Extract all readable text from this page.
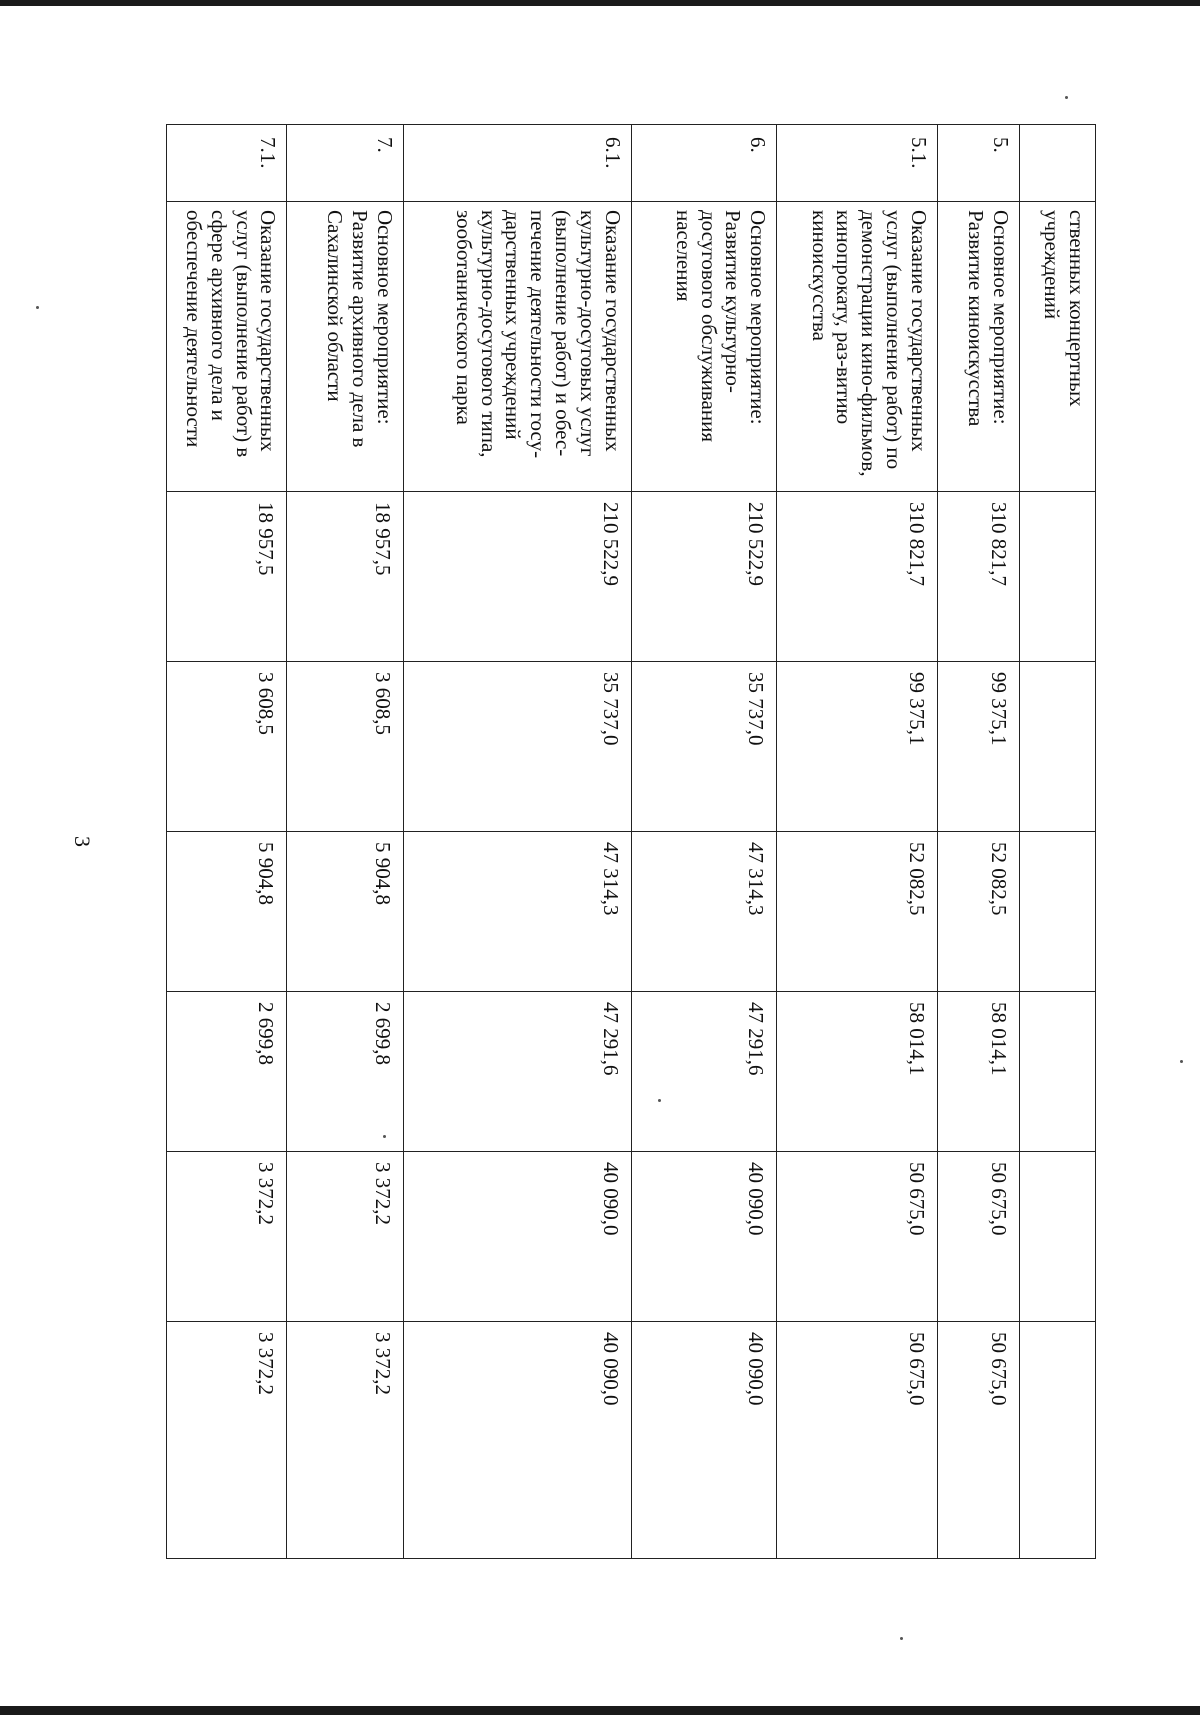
3
	ственных концертных учреждений						
5.	Основное мероприятие: Развитие киноискусства	310 821,7	99 375,1	52 082,5	58 014,1	50 675,0	50 675,0
5.1.	Оказание государственных услуг (выполнение работ) по демонстрации кино-фильмов, кинопрокату, раз-витию киноискусства	310 821,7	99 375,1	52 082,5	58 014,1	50 675,0	50 675,0
6.	Основное мероприятие: Развитие культурно-досугового обслуживания населения	210 522,9	35 737,0	47 314,3	47 291,6	40 090,0	40 090,0
6.1.	Оказание государственных культурно-досуговых услуг (выполнение работ) и обес-печение деятельности госу-дарственных учреждений культурно-досугового типа, зооботанического парка	210 522,9	35 737,0	47 314,3	47 291,6	40 090,0	40 090,0
7.	Основное мероприятие: Развитие архивного дела в Сахалинской области	18 957,5	3 608,5	5 904,8	2 699,8	3 372,2	3 372,2
7.1.	Оказание государственных услуг (выполнение работ) в сфере архивного дела и обеспечение деятельности	18 957,5	3 608,5	5 904,8	2 699,8	3 372,2	3 372,2
